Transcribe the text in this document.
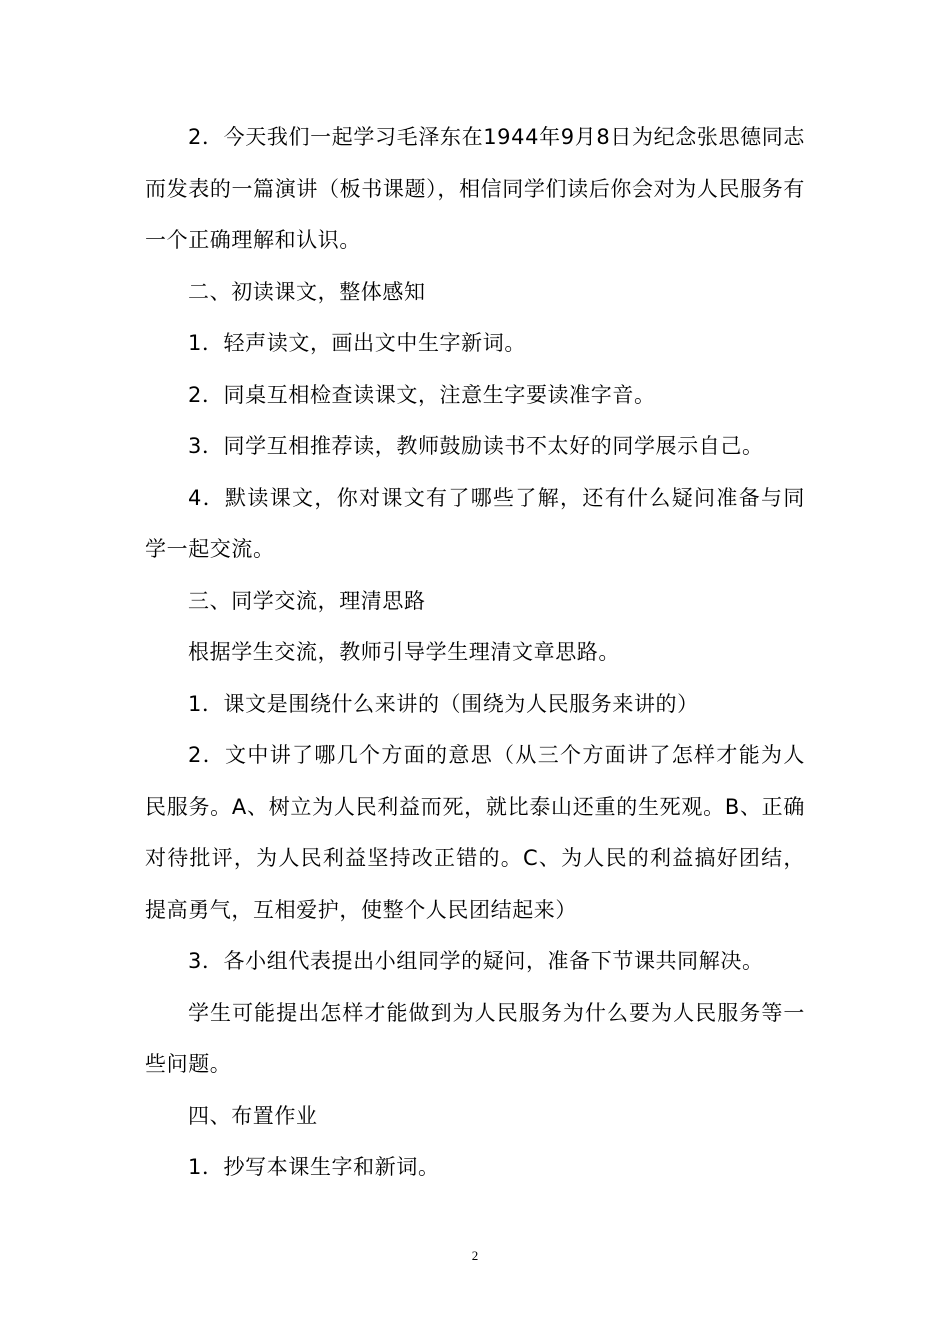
2．今天我们一起学习毛泽东在1944年9月8日为纪念张思德同志而发表的一篇演讲（板书课题），相信同学们读后你会对为人民服务有一个正确理解和认识。

二、初读课文，整体感知

1．轻声读文，画出文中生字新词。

2．同桌互相检查读课文，注意生字要读准字音。

3．同学互相推荐读，教师鼓励读书不太好的同学展示自己。

4．默读课文，你对课文有了哪些了解，还有什么疑问准备与同学一起交流。

三、同学交流，理清思路

根据学生交流，教师引导学生理清文章思路。

1．课文是围绕什么来讲的（围绕为人民服务来讲的）

2．文中讲了哪几个方面的意思（从三个方面讲了怎样才能为人民服务。A、树立为人民利益而死，就比泰山还重的生死观。B、正确对待批评，为人民利益坚持改正错的。C、为人民的利益搞好团结，提高勇气，互相爱护，使整个人民团结起来）

3．各小组代表提出小组同学的疑问，准备下节课共同解决。

学生可能提出怎样才能做到为人民服务为什么要为人民服务等一些问题。

四、布置作业

1．抄写本课生字和新词。

2
